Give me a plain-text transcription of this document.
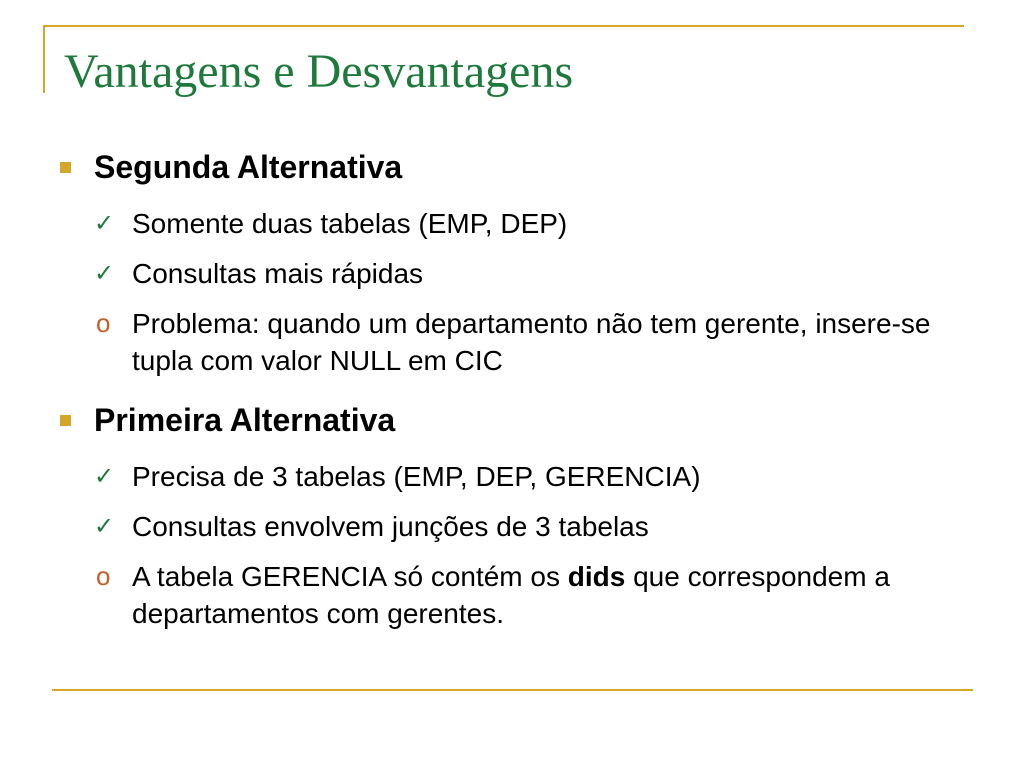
Vantagens e Desvantagens
Segunda Alternativa
✓ Somente duas tabelas (EMP, DEP)
✓ Consultas mais rápidas
o Problema: quando um departamento não tem gerente, insere-se tupla com valor NULL em CIC
Primeira Alternativa
✓ Precisa de 3 tabelas (EMP, DEP, GERENCIA)
✓ Consultas envolvem junções de 3 tabelas
o A tabela GERENCIA só contém os dids que correspondem a departamentos com gerentes.
